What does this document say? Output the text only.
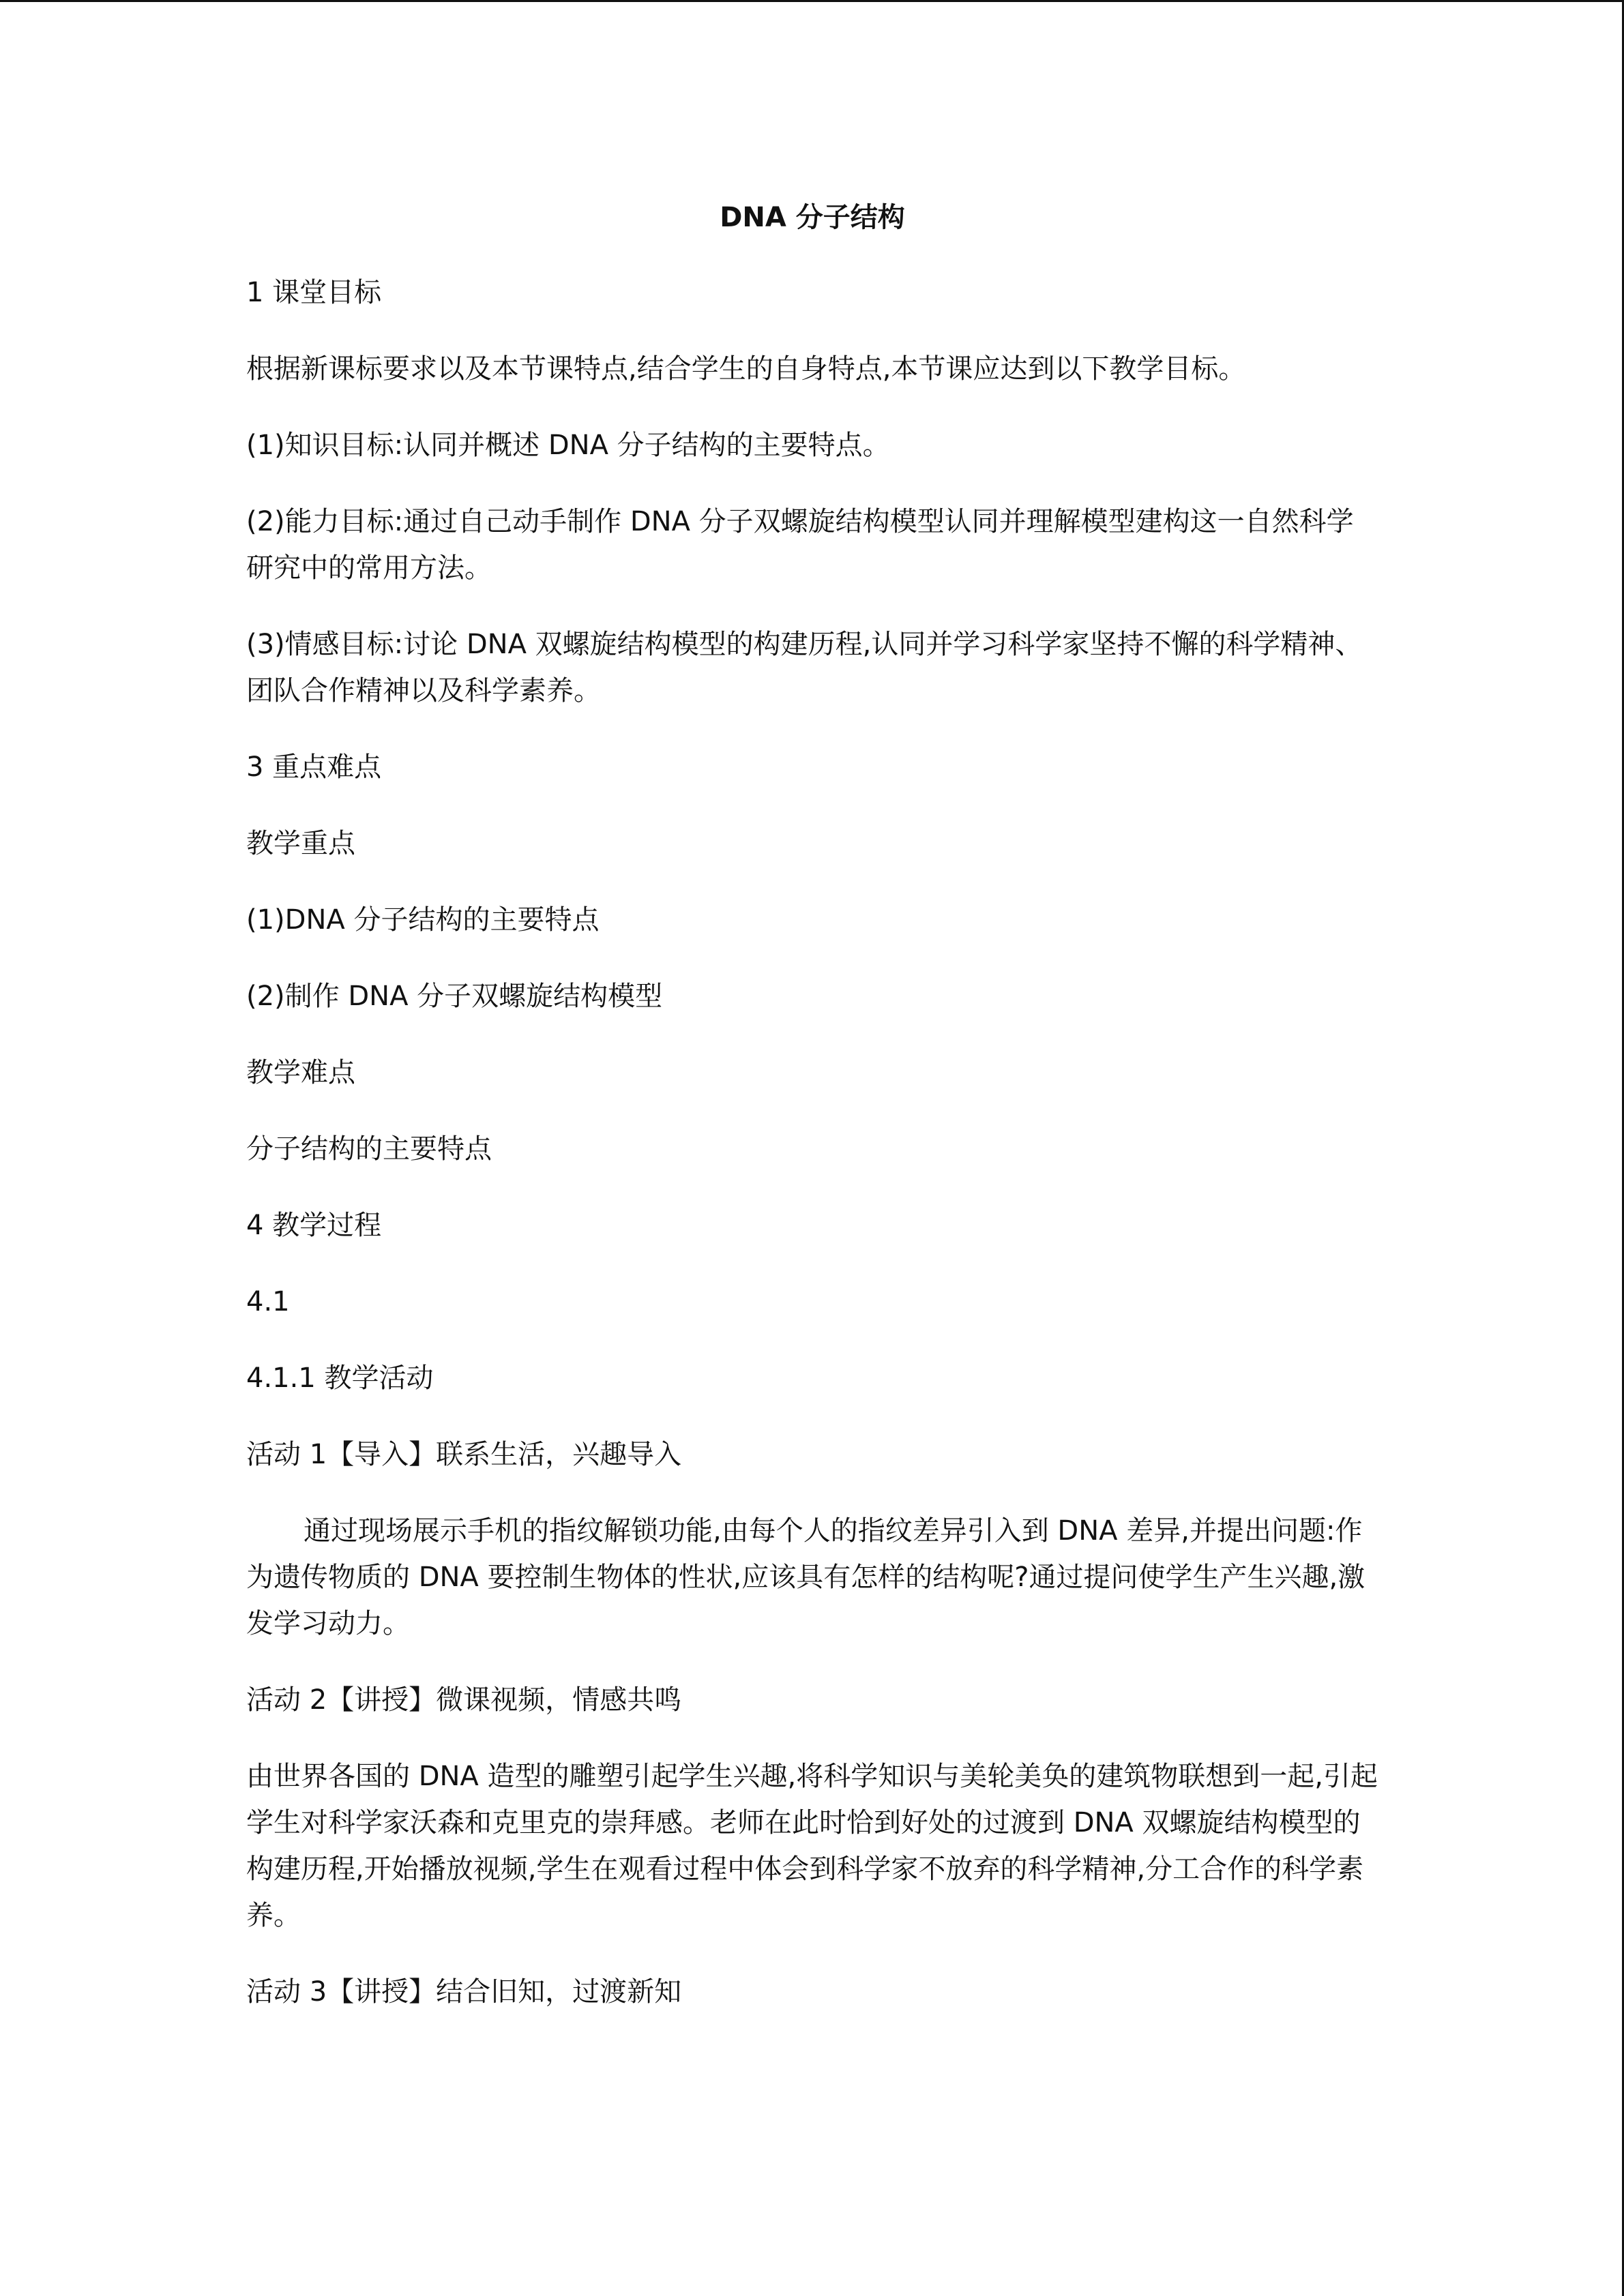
DNA 分子结构

1 课堂目标

根据新课标要求以及本节课特点,结合学生的自身特点,本节课应达到以下教学目标。

(1)知识目标:认同并概述 DNA 分子结构的主要特点。

(2)能力目标:通过自己动手制作 DNA 分子双螺旋结构模型认同并理解模型建构这一自然科学研究中的常用方法。

(3)情感目标:讨论 DNA 双螺旋结构模型的构建历程,认同并学习科学家坚持不懈的科学精神、团队合作精神以及科学素养。

3 重点难点

教学重点

(1)DNA 分子结构的主要特点

(2)制作 DNA 分子双螺旋结构模型

教学难点

分子结构的主要特点

4 教学过程

4.1

4.1.1 教学活动

活动 1【导入】联系生活，兴趣导入

通过现场展示手机的指纹解锁功能,由每个人的指纹差异引入到 DNA 差异,并提出问题:作为遗传物质的 DNA 要控制生物体的性状,应该具有怎样的结构呢?通过提问使学生产生兴趣,激发学习动力。

活动 2【讲授】微课视频，情感共鸣

由世界各国的 DNA 造型的雕塑引起学生兴趣,将科学知识与美轮美奂的建筑物联想到一起,引起学生对科学家沃森和克里克的崇拜感。老师在此时恰到好处的过渡到 DNA 双螺旋结构模型的构建历程,开始播放视频,学生在观看过程中体会到科学家不放弃的科学精神,分工合作的科学素养。

活动 3【讲授】结合旧知，过渡新知
